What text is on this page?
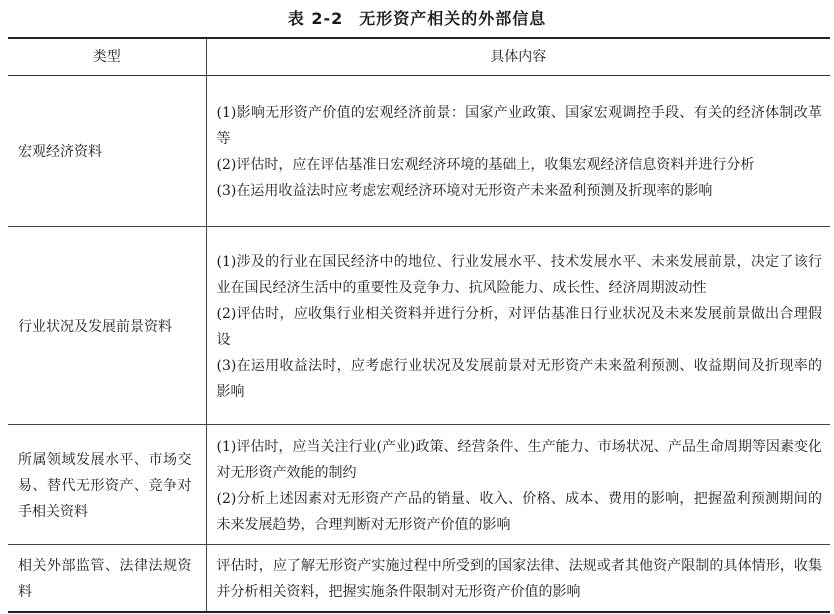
表 2-2 无形资产相关的外部信息
类型	具体内容
宏观经济资料	(1)影响无形资产价值的宏观经济前景：国家产业政策、国家宏观调控手段、有关的经济体制改革等
(2)评估时，应在评估基准日宏观经济环境的基础上，收集宏观经济信息资料并进行分析
(3)在运用收益法时应考虑宏观经济环境对无形资产未来盈利预测及折现率的影响

行业状况及发展前景资料	(1)涉及的行业在国民经济中的地位、行业发展水平、技术发展水平、未来发展前景，决定了该行业在国民经济生活中的重要性及竞争力、抗风险能力、成长性、经济周期波动性
(2)评估时，应收集行业相关资料并进行分析，对评估基准日行业状况及未来发展前景做出合理假设
(3)在运用收益法时，应考虑行业状况及发展前景对无形资产未来盈利预测、收益期间及折现率的影响

所属领域发展水平、市场交易、替代无形资产、竞争对手相关资料	(1)评估时，应当关注行业(产业)政策、经营条件、生产能力、市场状况、产品生命周期等因素变化对无形资产效能的制约
(2)分析上述因素对无形资产产品的销量、收入、价格、成本、费用的影响，把握盈利预测期间的未来发展趋势，合理判断对无形资产价值的影响

相关外部监管、法律法规资料	评估时，应了解无形资产实施过程中所受到的国家法律、法规或者其他资产限制的具体情形，收集并分析相关资料，把握实施条件限制对无形资产价值的影响
